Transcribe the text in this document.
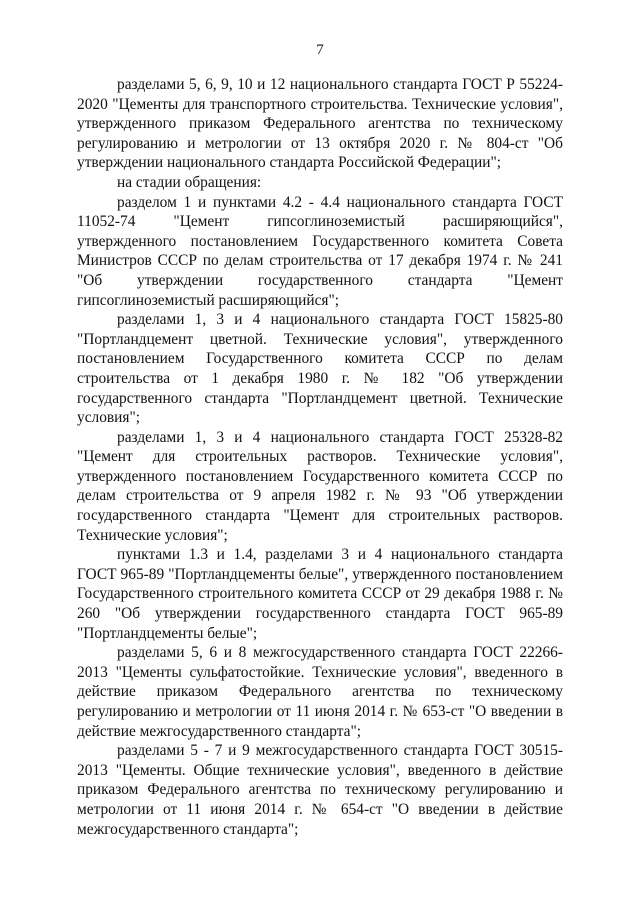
7

разделами 5, 6, 9, 10 и 12 национального стандарта ГОСТ Р 55224-2020 "Цементы для транспортного строительства. Технические условия", утвержденного приказом Федерального агентства по техническому регулированию и метрологии от 13 октября 2020 г. № 804-ст "Об утверждении национального стандарта Российской Федерации";

на стадии обращения:

разделом 1 и пунктами 4.2 - 4.4 национального стандарта ГОСТ 11052-74 "Цемент гипсоглиноземистый расширяющийся", утвержденного постановлением Государственного комитета Совета Министров СССР по делам строительства от 17 декабря 1974 г. № 241 "Об утверждении государственного стандарта "Цемент гипсоглиноземистый расширяющийся";

разделами 1, 3 и 4 национального стандарта ГОСТ 15825-80 "Портландцемент цветной. Технические условия", утвержденного постановлением Государственного комитета СССР по делам строительства от 1 декабря 1980 г. № 182 "Об утверждении государственного стандарта "Портландцемент цветной. Технические условия";

разделами 1, 3 и 4 национального стандарта ГОСТ 25328-82 "Цемент для строительных растворов. Технические условия", утвержденного постановлением Государственного комитета СССР по делам строительства от 9 апреля 1982 г. № 93 "Об утверждении государственного стандарта "Цемент для строительных растворов. Технические условия";

пунктами 1.3 и 1.4, разделами 3 и 4 национального стандарта ГОСТ 965-89 "Портландцементы белые", утвержденного постановлением Государственного строительного комитета СССР от 29 декабря 1988 г. № 260 "Об утверждении государственного стандарта ГОСТ 965-89 "Портландцементы белые";

разделами 5, 6 и 8 межгосударственного стандарта ГОСТ 22266-2013 "Цементы сульфатостойкие. Технические условия", введенного в действие приказом Федерального агентства по техническому регулированию и метрологии от 11 июня 2014 г. № 653-ст "О введении в действие межгосударственного стандарта";

разделами 5 - 7 и 9 межгосударственного стандарта ГОСТ 30515-2013 "Цементы. Общие технические условия", введенного в действие приказом Федерального агентства по техническому регулированию и метрологии от 11 июня 2014 г. № 654-ст "О введении в действие межгосударственного стандарта";
